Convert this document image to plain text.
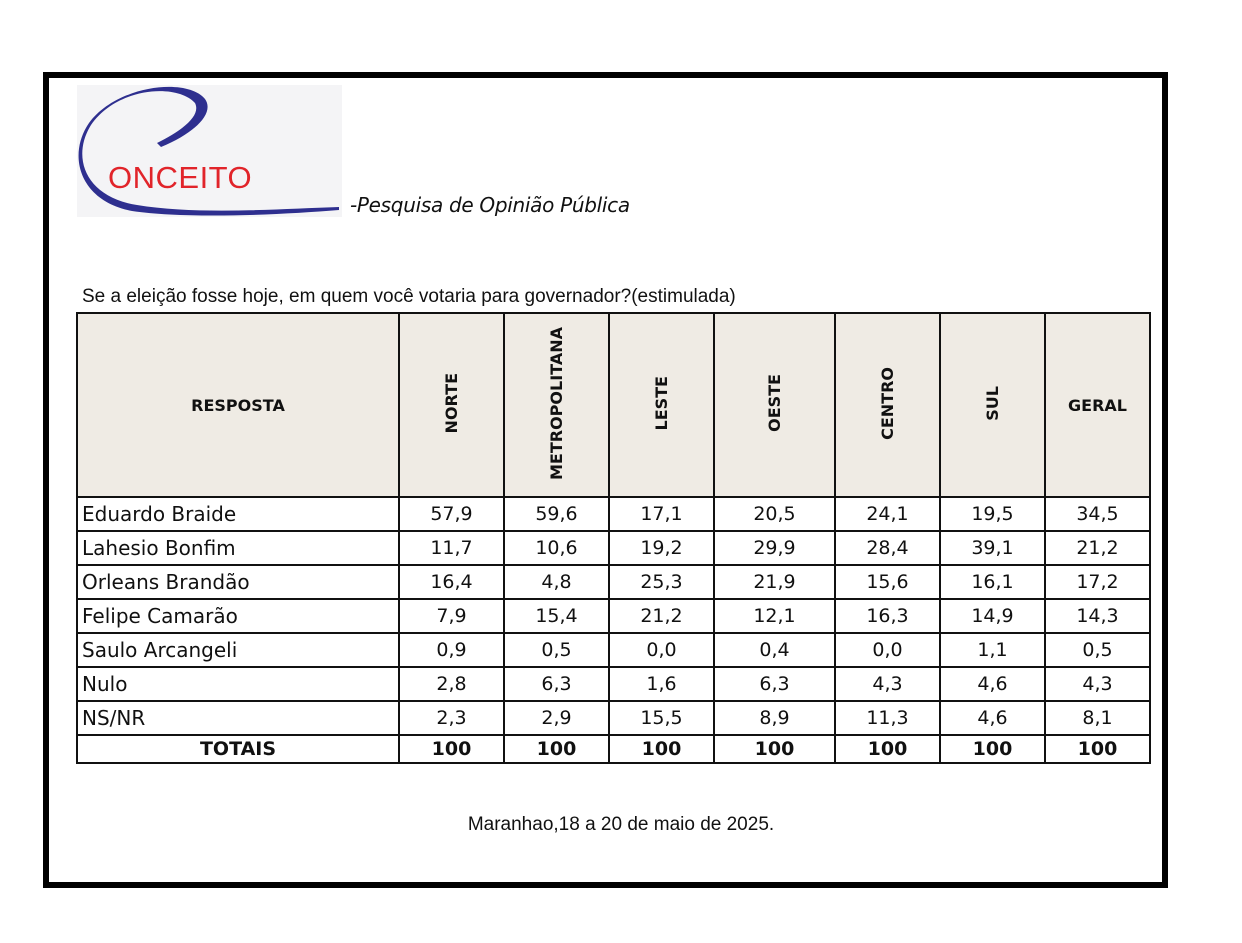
ONCEITO
-Pesquisa de Opinião Pública
Se a eleição fosse hoje, em quem você votaria para governador?(estimulada)
RESPOSTA	NORTE	METROPOLITANA	LESTE	OESTE	CENTRO	SUL	GERAL
Eduardo Braide	57,9	59,6	17,1	20,5	24,1	19,5	34,5
Lahesio Bonfim	11,7	10,6	19,2	29,9	28,4	39,1	21,2
Orleans Brandão	16,4	4,8	25,3	21,9	15,6	16,1	17,2
Felipe Camarão	7,9	15,4	21,2	12,1	16,3	14,9	14,3
Saulo Arcangeli	0,9	0,5	0,0	0,4	0,0	1,1	0,5
Nulo	2,8	6,3	1,6	6,3	4,3	4,6	4,3
NS/NR	2,3	2,9	15,5	8,9	11,3	4,6	8,1
TOTAIS	100	100	100	100	100	100	100
Maranhao,18 a 20 de maio de 2025.
